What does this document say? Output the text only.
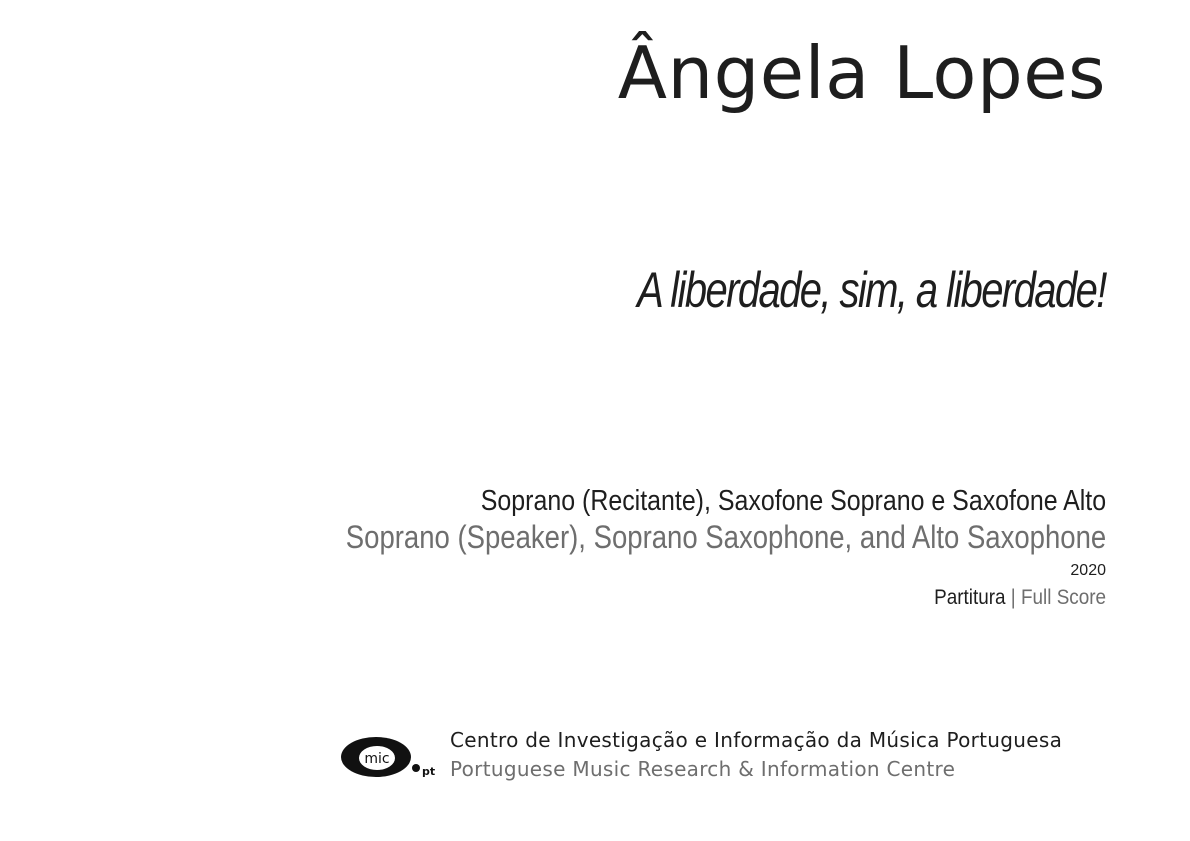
Ângela Lopes
A liberdade, sim, a liberdade!
Soprano (Recitante), Saxofone Soprano e Saxofone Alto
Soprano (Speaker), Soprano Saxophone, and Alto Saxophone
2020
Partitura | Full Score
mic
pt
Centro de Investigação e Informação da Música Portuguesa
Portuguese Music Research & Information Centre
